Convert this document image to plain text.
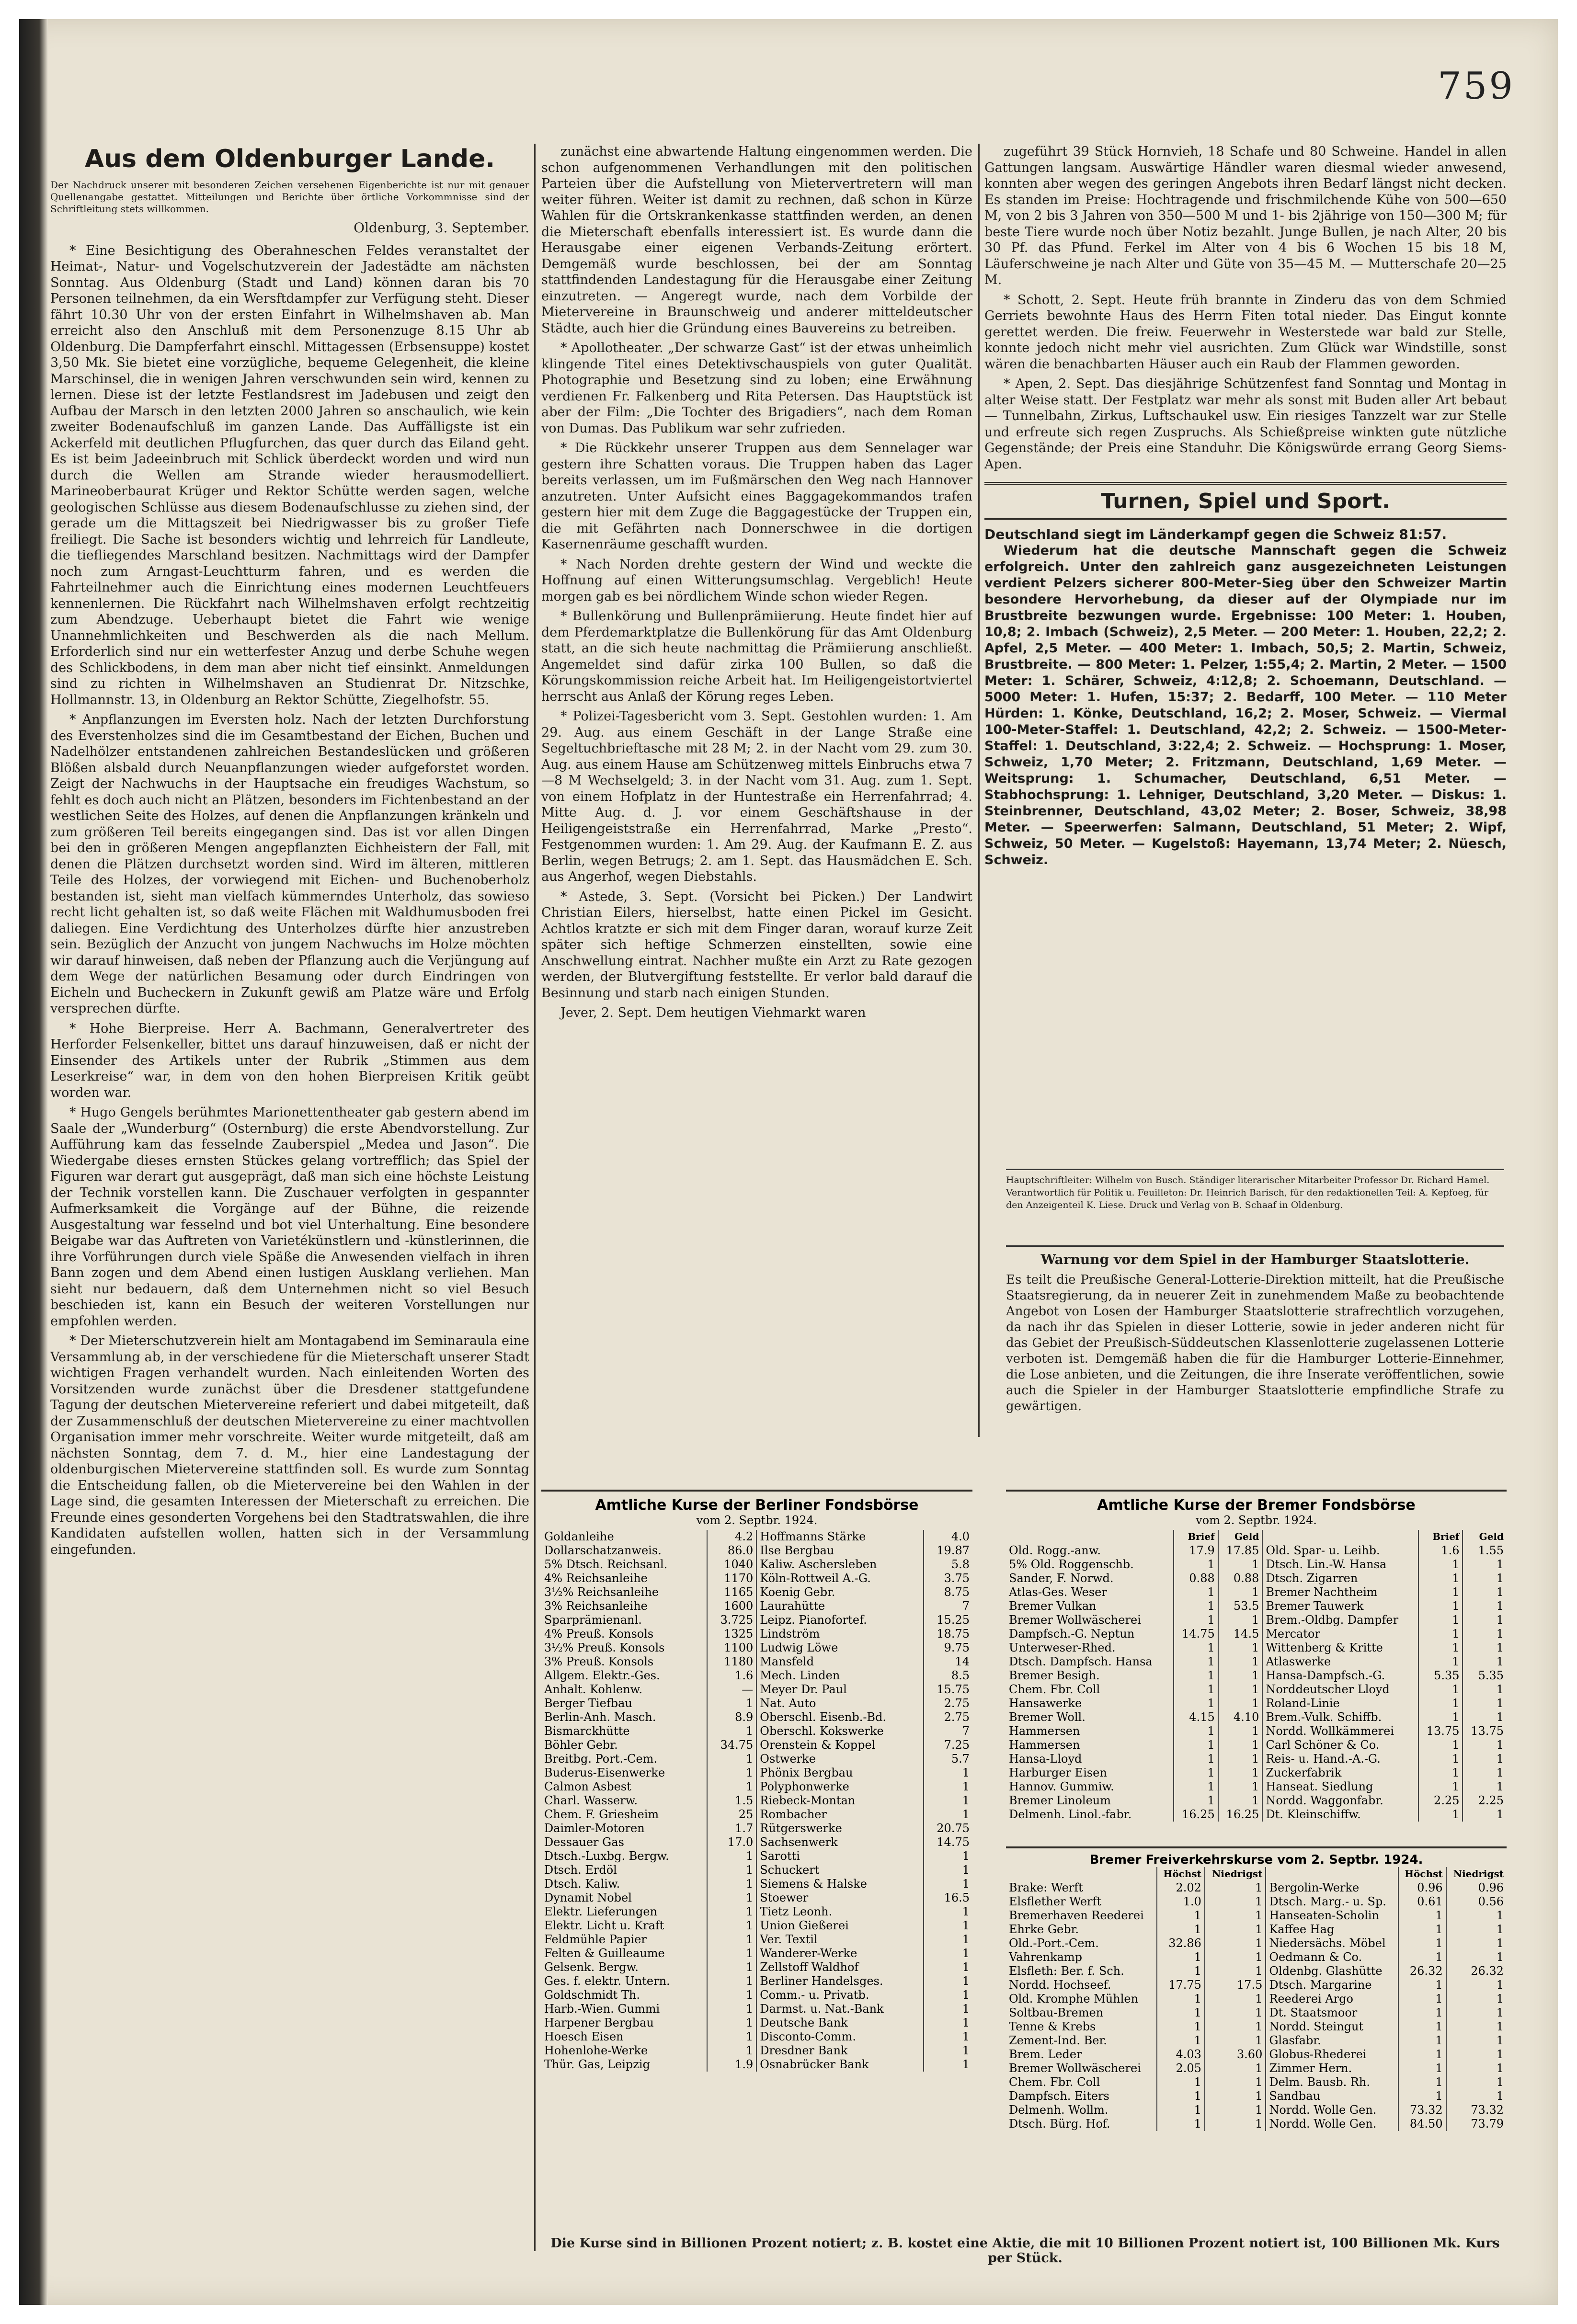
759
Aus dem Oldenburger Lande.
Der Nachdruck unserer mit besonderen Zeichen versehenen Eigenberichte ist nur mit genauer Quellenangabe gestattet. Mitteilungen und Berichte über örtliche Vorkommnisse sind der Schriftleitung stets willkommen.
Oldenburg, 3. September.

* Eine Besichtigung des Oberahneschen Feldes veranstaltet der Heimat-, Natur- und Vogelschutzverein der Jadestädte am nächsten Sonntag. Aus Oldenburg (Stadt und Land) können daran bis 70 Personen teilnehmen, da ein Wersftdampfer zur Verfügung steht. Dieser fährt 10.30 Uhr von der ersten Einfahrt in Wilhelmshaven ab. Man erreicht also den Anschluß mit dem Personenzuge 8.15 Uhr ab Oldenburg. Die Dampferfahrt einschl. Mittagessen (Erbsensuppe) kostet 3,50 Mk. Sie bietet eine vorzügliche, bequeme Gelegenheit, die kleine Marschinsel, die in wenigen Jahren verschwunden sein wird, kennen zu lernen. Diese ist der letzte Festlandsrest im Jadebusen und zeigt den Aufbau der Marsch in den letzten 2000 Jahren so anschaulich, wie kein zweiter Bodenaufschluß im ganzen Lande. Das Auffälligste ist ein Ackerfeld mit deutlichen Pflugfurchen, das quer durch das Eiland geht. Es ist beim Jadeeinbruch mit Schlick überdeckt worden und wird nun durch die Wellen am Strande wieder herausmodelliert. Marineoberbaurat Krüger und Rektor Schütte werden sagen, welche geologischen Schlüsse aus diesem Bodenaufschlusse zu ziehen sind, der gerade um die Mittagszeit bei Niedrigwasser bis zu großer Tiefe freiliegt. Die Sache ist besonders wichtig und lehrreich für Landleute, die tiefliegendes Marschland besitzen. Nachmittags wird der Dampfer noch zum Arngast-Leuchtturm fahren, und es werden die Fahrteilnehmer auch die Einrichtung eines modernen Leuchtfeuers kennenlernen. Die Rückfahrt nach Wilhelmshaven erfolgt rechtzeitig zum Abendzuge. Ueberhaupt bietet die Fahrt wie wenige Unannehmlichkeiten und Beschwerden als die nach Mellum. Erforderlich sind nur ein wetterfester Anzug und derbe Schuhe wegen des Schlickbodens, in dem man aber nicht tief einsinkt. Anmeldungen sind zu richten in Wilhelmshaven an Studienrat Dr. Nitzschke, Hollmannstr. 13, in Oldenburg an Rektor Schütte, Ziegelhofstr. 55.

* Anpflanzungen im Eversten holz. Nach der letzten Durchforstung des Everstenholzes sind die im Gesamtbestand der Eichen, Buchen und Nadelhölzer entstandenen zahlreichen Bestandeslücken und größeren Blößen alsbald durch Neuanpflanzungen wieder aufgeforstet worden. Zeigt der Nachwuchs in der Hauptsache ein freudiges Wachstum, so fehlt es doch auch nicht an Plätzen, besonders im Fichtenbestand an der westlichen Seite des Holzes, auf denen die Anpflanzungen kränkeln und zum größeren Teil bereits eingegangen sind. Das ist vor allen Dingen bei den in größeren Mengen angepflanzten Eichheistern der Fall, mit denen die Plätzen durchsetzt worden sind. Wird im älteren, mittleren Teile des Holzes, der vorwiegend mit Eichen- und Buchenoberholz bestanden ist, sieht man vielfach kümmerndes Unterholz, das sowieso recht licht gehalten ist, so daß weite Flächen mit Waldhumusboden frei daliegen. Eine Verdichtung des Unterholzes dürfte hier anzustreben sein. Bezüglich der Anzucht von jungem Nachwuchs im Holze möchten wir darauf hinweisen, daß neben der Pflanzung auch die Verjüngung auf dem Wege der natürlichen Besamung oder durch Eindringen von Eicheln und Bucheckern in Zukunft gewiß am Platze wäre und Erfolg versprechen dürfte.

* Hohe Bierpreise. Herr A. Bachmann, Generalvertreter des Herforder Felsenkeller, bittet uns darauf hinzuweisen, daß er nicht der Einsender des Artikels unter der Rubrik „Stimmen aus dem Leserkreise“ war, in dem von den hohen Bierpreisen Kritik geübt worden war.

* Hugo Gengels berühmtes Marionettentheater gab gestern abend im Saale der „Wunderburg“ (Osternburg) die erste Abendvorstellung. Zur Aufführung kam das fesselnde Zauberspiel „Medea und Jason“. Die Wiedergabe dieses ernsten Stückes gelang vortrefflich; das Spiel der Figuren war derart gut ausgeprägt, daß man sich eine höchste Leistung der Technik vorstellen kann. Die Zuschauer verfolgten in gespannter Aufmerksamkeit die Vorgänge auf der Bühne, die reizende Ausgestaltung war fesselnd und bot viel Unterhaltung. Eine besondere Beigabe war das Auftreten von Varietékünstlern und -künstlerinnen, die ihre Vorführungen durch viele Späße die Anwesenden vielfach in ihren Bann zogen und dem Abend einen lustigen Ausklang verliehen. Man sieht nur bedauern, daß dem Unternehmen nicht so viel Besuch beschieden ist, kann ein Besuch der weiteren Vorstellungen nur empfohlen werden.

* Der Mieterschutzverein hielt am Montagabend im Seminaraula eine Versammlung ab, in der verschiedene für die Mieterschaft unserer Stadt wichtigen Fragen verhandelt wurden. Nach einleitenden Worten des Vorsitzenden wurde zunächst über die Dresdener stattgefundene Tagung der deutschen Mietervereine referiert und dabei mitgeteilt, daß der Zusammenschluß der deutschen Mietervereine zu einer machtvollen Organisation immer mehr vorschreite. Weiter wurde mitgeteilt, daß am nächsten Sonntag, dem 7. d. M., hier eine Landestagung der oldenburgischen Mietervereine stattfinden soll. Es wurde zum Sonntag die Entscheidung fallen, ob die Mietervereine bei den Wahlen in der Lage sind, die gesamten Interessen der Mieterschaft zu erreichen. Die Freunde eines gesonderten Vorgehens bei den Stadtratswahlen, die ihre Kandidaten aufstellen wollen, hatten sich in der Versammlung eingefunden.

zunächst eine abwartende Haltung eingenommen werden. Die schon aufgenommenen Verhandlungen mit den politischen Parteien über die Aufstellung von Mietervertretern will man weiter führen. Weiter ist damit zu rechnen, daß schon in Kürze Wahlen für die Ortskrankenkasse stattfinden werden, an denen die Mieterschaft ebenfalls interessiert ist. Es wurde dann die Herausgabe einer eigenen Verbands-Zeitung erörtert. Demgemäß wurde beschlossen, bei der am Sonntag stattfindenden Landestagung für die Herausgabe einer Zeitung einzutreten. — Angeregt wurde, nach dem Vorbilde der Mietervereine in Braunschweig und anderer mitteldeutscher Städte, auch hier die Gründung eines Bauvereins zu betreiben.

* Apollotheater. „Der schwarze Gast“ ist der etwas unheimlich klingende Titel eines Detektivschauspiels von guter Qualität. Photographie und Besetzung sind zu loben; eine Erwähnung verdienen Fr. Falkenberg und Rita Petersen. Das Hauptstück ist aber der Film: „Die Tochter des Brigadiers“, nach dem Roman von Dumas. Das Publikum war sehr zufrieden.

* Die Rückkehr unserer Truppen aus dem Sennelager war gestern ihre Schatten voraus. Die Truppen haben das Lager bereits verlassen, um im Fußmärschen den Weg nach Hannover anzutreten. Unter Aufsicht eines Baggagekommandos trafen gestern hier mit dem Zuge die Baggagestücke der Truppen ein, die mit Gefährten nach Donnerschwee in die dortigen Kasernenräume geschafft wurden.

* Nach Norden drehte gestern der Wind und weckte die Hoffnung auf einen Witterungsumschlag. Vergeblich! Heute morgen gab es bei nördlichem Winde schon wieder Regen.

* Bullenkörung und Bullenprämiierung. Heute findet hier auf dem Pferdemarktplatze die Bullenkörung für das Amt Oldenburg statt, an die sich heute nachmittag die Prämiierung anschließt. Angemeldet sind dafür zirka 100 Bullen, so daß die Körungskommission reiche Arbeit hat. Im Heiligengeistortviertel herrscht aus Anlaß der Körung reges Leben.

* Polizei-Tagesbericht vom 3. Sept. Gestohlen wurden: 1. Am 29. Aug. aus einem Geschäft in der Lange Straße eine Segeltuchbrieftasche mit 28 M; 2. in der Nacht vom 29. zum 30. Aug. aus einem Hause am Schützenweg mittels Einbruchs etwa 7—8 M Wechselgeld; 3. in der Nacht vom 31. Aug. zum 1. Sept. von einem Hofplatz in der Huntestraße ein Herrenfahrrad; 4. Mitte Aug. d. J. vor einem Geschäftshause in der Heiligengeiststraße ein Herrenfahrrad, Marke „Presto“. Festgenommen wurden: 1. Am 29. Aug. der Kaufmann E. Z. aus Berlin, wegen Betrugs; 2. am 1. Sept. das Hausmädchen E. Sch. aus Angerhof, wegen Diebstahls.

* Astede, 3. Sept. (Vorsicht bei Picken.) Der Landwirt Christian Eilers, hierselbst, hatte einen Pickel im Gesicht. Achtlos kratzte er sich mit dem Finger daran, worauf kurze Zeit später sich heftige Schmerzen einstellten, sowie eine Anschwellung eintrat. Nachher mußte ein Arzt zu Rate gezogen werden, der Blutvergiftung feststellte. Er verlor bald darauf die Besinnung und starb nach einigen Stunden.

Jever, 2. Sept. Dem heutigen Viehmarkt waren

zugeführt 39 Stück Hornvieh, 18 Schafe und 80 Schweine. Handel in allen Gattungen langsam. Auswärtige Händler waren diesmal wieder anwesend, konnten aber wegen des geringen Angebots ihren Bedarf längst nicht decken. Es standen im Preise: Hochtragende und frischmilchende Kühe von 500—650 M, von 2 bis 3 Jahren von 350—500 M und 1- bis 2jährige von 150—300 M; für beste Tiere wurde noch über Notiz bezahlt. Junge Bullen, je nach Alter, 20 bis 30 Pf. das Pfund. Ferkel im Alter von 4 bis 6 Wochen 15 bis 18 M, Läuferschweine je nach Alter und Güte von 35—45 M. — Mutterschafe 20—25 M.

* Schott, 2. Sept. Heute früh brannte in Zinderu das von dem Schmied Gerriets bewohnte Haus des Herrn Fiten total nieder. Das Eingut konnte gerettet werden. Die freiw. Feuerwehr in Westerstede war bald zur Stelle, konnte jedoch nicht mehr viel ausrichten. Zum Glück war Windstille, sonst wären die benachbarten Häuser auch ein Raub der Flammen geworden.

* Apen, 2. Sept. Das diesjährige Schützenfest fand Sonntag und Montag in alter Weise statt. Der Festplatz war mehr als sonst mit Buden aller Art bebaut — Tunnelbahn, Zirkus, Luftschaukel usw. Ein riesiges Tanzzelt war zur Stelle und erfreute sich regen Zuspruchs. Als Schießpreise winkten gute nützliche Gegenstände; der Preis eine Standuhr. Die Königswürde errang Georg Siems-Apen.

Turnen, Spiel und Sport.
Deutschland siegt im Länderkampf gegen die Schweiz 81:57.

Wiederum hat die deutsche Mannschaft gegen die Schweiz erfolgreich. Unter den zahlreich ganz ausgezeichneten Leistungen verdient Pelzers sicherer 800-Meter-Sieg über den Schweizer Martin besondere Hervorhebung, da dieser auf der Olympiade nur im Brustbreite bezwungen wurde. Ergebnisse: 100 Meter: 1. Houben, 10,8; 2. Imbach (Schweiz), 2,5 Meter. — 200 Meter: 1. Houben, 22,2; 2. Apfel, 2,5 Meter. — 400 Meter: 1. Imbach, 50,5; 2. Martin, Schweiz, Brustbreite. — 800 Meter: 1. Pelzer, 1:55,4; 2. Martin, 2 Meter. — 1500 Meter: 1. Schärer, Schweiz, 4:12,8; 2. Schoemann, Deutschland. — 5000 Meter: 1. Hufen, 15:37; 2. Bedarff, 100 Meter. — 110 Meter Hürden: 1. Könke, Deutschland, 16,2; 2. Moser, Schweiz. — Viermal 100-Meter-Staffel: 1. Deutschland, 42,2; 2. Schweiz. — 1500-Meter-Staffel: 1. Deutschland, 3:22,4; 2. Schweiz. — Hochsprung: 1. Moser, Schweiz, 1,70 Meter; 2. Fritzmann, Deutschland, 1,69 Meter. — Weitsprung: 1. Schumacher, Deutschland, 6,51 Meter. — Stabhochsprung: 1. Lehniger, Deutschland, 3,20 Meter. — Diskus: 1. Steinbrenner, Deutschland, 43,02 Meter; 2. Boser, Schweiz, 38,98 Meter. — Speerwerfen: Salmann, Deutschland, 51 Meter; 2. Wipf, Schweiz, 50 Meter. — Kugelstoß: Hayemann, 13,74 Meter; 2. Nüesch, Schweiz.

Hauptschriftleiter: Wilhelm von Busch. Ständiger literarischer Mitarbeiter Professor Dr. Richard Hamel. Verantwortlich für Politik u. Feuilleton: Dr. Heinrich Barisch, für den redaktionellen Teil: A. Kepfoeg, für den Anzeigenteil K. Liese. Druck und Verlag von B. Schaaf in Oldenburg.
Warnung vor dem Spiel in der Hamburger Staatslotterie.
Es teilt die Preußische General-Lotterie-Direktion mitteilt, hat die Preußische Staatsregierung, da in neuerer Zeit in zunehmendem Maße zu beobachtende Angebot von Losen der Hamburger Staatslotterie strafrechtlich vorzugehen, da nach ihr das Spielen in dieser Lotterie, sowie in jeder anderen nicht für das Gebiet der Preußisch-Süddeutschen Klassenlotterie zugelassenen Lotterie verboten ist. Demgemäß haben die für die Hamburger Lotterie-Einnehmer, die Lose anbieten, und die Zeitungen, die ihre Inserate veröffentlichen, sowie auch die Spieler in der Hamburger Staatslotterie empfindliche Strafe zu gewärtigen.
Amtliche Kurse der Berliner Fondsbörse
vom 2. Septbr. 1924.
Goldanleihe	4.2	Hoffmanns Stärke	4.0
Dollarschatzanweis.	86.0	Ilse Bergbau	19.87
5% Dtsch. Reichsanl.	1040	Kaliw. Aschersleben	5.8
4% Reichsanleihe	1170	Köln-Rottweil A.-G.	3.75
3½% Reichsanleihe	1165	Koenig Gebr.	8.75
3% Reichsanleihe	1600	Laurahütte	7
Sparprämienanl.	3.725	Leipz. Pianofortef.	15.25
4% Preuß. Konsols	1325	Lindström	18.75
3½% Preuß. Konsols	1100	Ludwig Löwe	9.75
3% Preuß. Konsols	1180	Mansfeld	14
Allgem. Elektr.-Ges.	1.6	Mech. Linden	8.5
Anhalt. Kohlenw.	—	Meyer Dr. Paul	15.75
Berger Tiefbau	1	Nat. Auto	2.75
Berlin-Anh. Masch.	8.9	Oberschl. Eisenb.-Bd.	2.75
Bismarckhütte	1	Oberschl. Kokswerke	7
Böhler Gebr.	34.75	Orenstein & Koppel	7.25
Breitbg. Port.-Cem.	1	Ostwerke	5.7
Buderus-Eisenwerke	1	Phönix Bergbau	1
Calmon Asbest	1	Polyphonwerke	1
Charl. Wasserw.	1.5	Riebeck-Montan	1
Chem. F. Griesheim	25	Rombacher	1
Daimler-Motoren	1.7	Rütgerswerke	20.75
Dessauer Gas	17.0	Sachsenwerk	14.75
Dtsch.-Luxbg. Bergw.	1	Sarotti	1
Dtsch. Erdöl	1	Schuckert	1
Dtsch. Kaliw.	1	Siemens & Halske	1
Dynamit Nobel	1	Stoewer	16.5
Elektr. Lieferungen	1	Tietz Leonh.	1
Elektr. Licht u. Kraft	1	Union Gießerei	1
Feldmühle Papier	1	Ver. Textil	1
Felten & Guilleaume	1	Wanderer-Werke	1
Gelsenk. Bergw.	1	Zellstoff Waldhof	1
Ges. f. elektr. Untern.	1	Berliner Handelsges.	1
Goldschmidt Th.	1	Comm.- u. Privatb.	1
Harb.-Wien. Gummi	1	Darmst. u. Nat.-Bank	1
Harpener Bergbau	1	Deutsche Bank	1
Hoesch Eisen	1	Disconto-Comm.	1
Hohenlohe-Werke	1	Dresdner Bank	1
Thür. Gas, Leipzig	1.9	Osnabrücker Bank	1
Amtliche Kurse der Bremer Fondsbörse
vom 2. Septbr. 1924.
	Brief	Geld		Brief	Geld
Old. Rogg.-anw.	17.9	17.85	Old. Spar- u. Leihb.	1.6	1.55
5% Old. Roggenschb.	1	1	Dtsch. Lin.-W. Hansa	1	1
Sander, F. Norwd.	0.88	0.88	Dtsch. Zigarren	1	1
Atlas-Ges. Weser	1	1	Bremer Nachtheim	1	1
Bremer Vulkan	1	53.5	Bremer Tauwerk	1	1
Bremer Wollwäscherei	1	1	Brem.-Oldbg. Dampfer	1	1
Dampfsch.-G. Neptun	14.75	14.5	Mercator	1	1
Unterweser-Rhed.	1	1	Wittenberg & Kritte	1	1
Dtsch. Dampfsch. Hansa	1	1	Atlaswerke	1	1
Bremer Besigh.	1	1	Hansa-Dampfsch.-G.	5.35	5.35
Chem. Fbr. Coll	1	1	Norddeutscher Lloyd	1	1
Hansawerke	1	1	Roland-Linie	1	1
Bremer Woll.	4.15	4.10	Brem.-Vulk. Schiffb.	1	1
Hammersen	1	1	Nordd. Wollkämmerei	13.75	13.75
Hammersen	1	1	Carl Schöner & Co.	1	1
Hansa-Lloyd	1	1	Reis- u. Hand.-A.-G.	1	1
Harburger Eisen	1	1	Zuckerfabrik	1	1
Hannov. Gummiw.	1	1	Hanseat. Siedlung	1	1
Bremer Linoleum	1	1	Nordd. Waggonfabr.	2.25	2.25
Delmenh. Linol.-fabr.	16.25	16.25	Dt. Kleinschiffw.	1	1
Bremer Freiverkehrskurse vom 2. Septbr. 1924.
	Höchst	Niedrigst		Höchst	Niedrigst
Brake: Werft	2.02	1	Bergolin-Werke	0.96	0.96
Elsflether Werft	1.0	1	Dtsch. Marg.- u. Sp.	0.61	0.56
Bremerhaven Reederei	1	1	Hanseaten-Scholin	1	1
Ehrke Gebr.	1	1	Kaffee Hag	1	1
Old.-Port.-Cem.	32.86	1	Niedersächs. Möbel	1	1
Vahrenkamp	1	1	Oedmann & Co.	1	1
Elsfleth: Ber. f. Sch.	1	1	Oldenbg. Glashütte	26.32	26.32
Nordd. Hochseef.	17.75	17.5	Dtsch. Margarine	1	1
Old. Kromphe Mühlen	1	1	Reederei Argo	1	1
Soltbau-Bremen	1	1	Dt. Staatsmoor	1	1
Tenne & Krebs	1	1	Nordd. Steingut	1	1
Zement-Ind. Ber.	1	1	Glasfabr.	1	1
Brem. Leder	4.03	3.60	Globus-Rhederei	1	1
Bremer Wollwäscherei	2.05	1	Zimmer Hern.	1	1
Chem. Fbr. Coll	1	1	Delm. Bausb. Rh.	1	1
Dampfsch. Eiters	1	1	Sandbau	1	1
Delmenh. Wollm.	1	1	Nordd. Wolle Gen.	73.32	73.32
Dtsch. Bürg. Hof.	1	1	Nordd. Wolle Gen.	84.50	73.79
Die Kurse sind in Billionen Prozent notiert; z. B. kostet eine Aktie, die mit 10 Billionen Prozent notiert ist, 100 Billionen Mk. Kurs per Stück.
